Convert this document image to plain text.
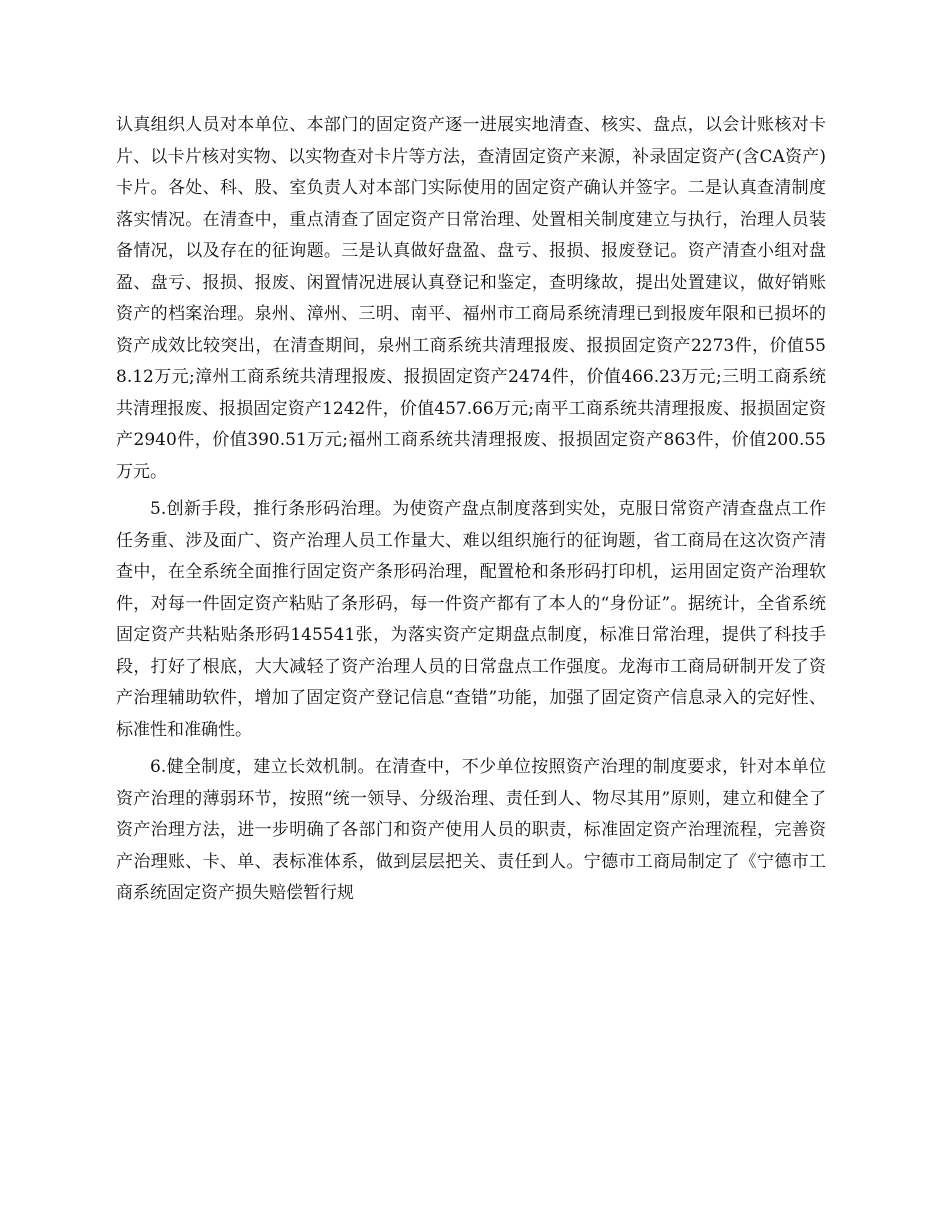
认真组织人员对本单位、本部门的固定资产逐一进展实地清查、核实、盘点，以会计账核对卡片、以卡片核对实物、以实物查对卡片等方法，查清固定资产来源，补录固定资产(含CA资产)卡片。各处、科、股、室负责人对本部门实际使用的固定资产确认并签字。二是认真查清制度落实情况。在清查中，重点清查了固定资产日常治理、处置相关制度建立与执行，治理人员装备情况，以及存在的征询题。三是认真做好盘盈、盘亏、报损、报废登记。资产清查小组对盘盈、盘亏、报损、报废、闲置情况进展认真登记和鉴定，查明缘故，提出处置建议，做好销账资产的档案治理。泉州、漳州、三明、南平、福州市工商局系统清理已到报废年限和已损坏的资产成效比较突出，在清查期间，泉州工商系统共清理报废、报损固定资产2273件，价值558.12万元;漳州工商系统共清理报废、报损固定资产2474件，价值466.23万元;三明工商系统共清理报废、报损固定资产1242件，价值457.66万元;南平工商系统共清理报废、报损固定资产2940件，价值390.51万元;福州工商系统共清理报废、报损固定资产863件，价值200.55万元。

5.创新手段，推行条形码治理。为使资产盘点制度落到实处，克服日常资产清查盘点工作任务重、涉及面广、资产治理人员工作量大、难以组织施行的征询题，省工商局在这次资产清查中，在全系统全面推行固定资产条形码治理，配置枪和条形码打印机，运用固定资产治理软件，对每一件固定资产粘贴了条形码，每一件资产都有了本人的“身份证”。据统计，全省系统固定资产共粘贴条形码145541张，为落实资产定期盘点制度，标准日常治理，提供了科技手段，打好了根底，大大减轻了资产治理人员的日常盘点工作强度。龙海市工商局研制开发了资产治理辅助软件，增加了固定资产登记信息“查错”功能，加强了固定资产信息录入的完好性、标准性和准确性。

6.健全制度，建立长效机制。在清查中，不少单位按照资产治理的制度要求，针对本单位资产治理的薄弱环节，按照“统一领导、分级治理、责任到人、物尽其用”原则，建立和健全了资产治理方法，进一步明确了各部门和资产使用人员的职责，标准固定资产治理流程，完善资产治理账、卡、单、表标准体系，做到层层把关、责任到人。宁德市工商局制定了《宁德市工商系统固定资产损失赔偿暂行规
